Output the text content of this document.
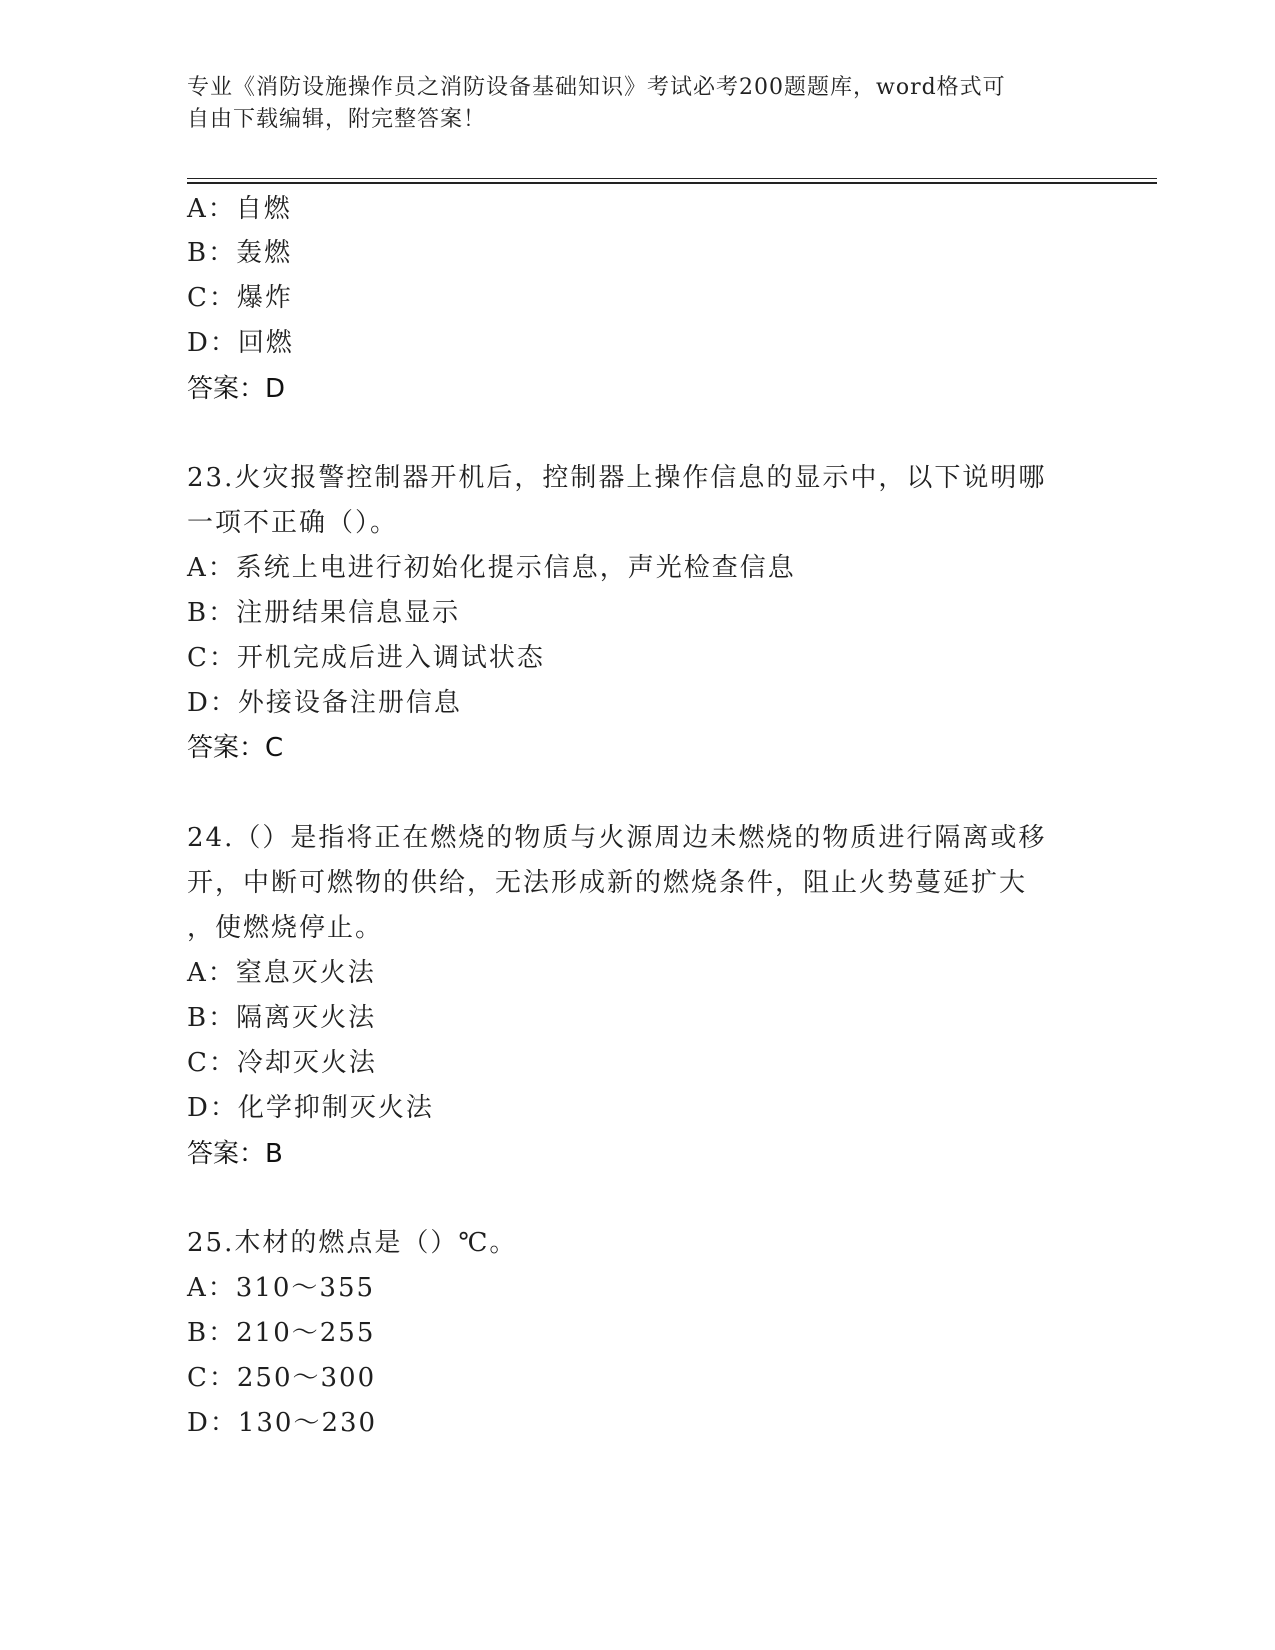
专业《消防设施操作员之消防设备基础知识》考试必考200题题库，word格式可
自由下载编辑，附完整答案！
A：自燃
B：轰燃
C：爆炸
D：回燃
答案：D
23.火灾报警控制器开机后，控制器上操作信息的显示中，以下说明哪
一项不正确（）。
A：系统上电进行初始化提示信息，声光检查信息
B：注册结果信息显示
C：开机完成后进入调试状态
D：外接设备注册信息
答案：C
24.（）是指将正在燃烧的物质与火源周边未燃烧的物质进行隔离或移
开，中断可燃物的供给，无法形成新的燃烧条件，阻止火势蔓延扩大
，使燃烧停止。
A：窒息灭火法
B：隔离灭火法
C：冷却灭火法
D：化学抑制灭火法
答案：B
25.木材的燃点是（）℃。
A：310～355
B：210～255
C：250～300
D：130～230
